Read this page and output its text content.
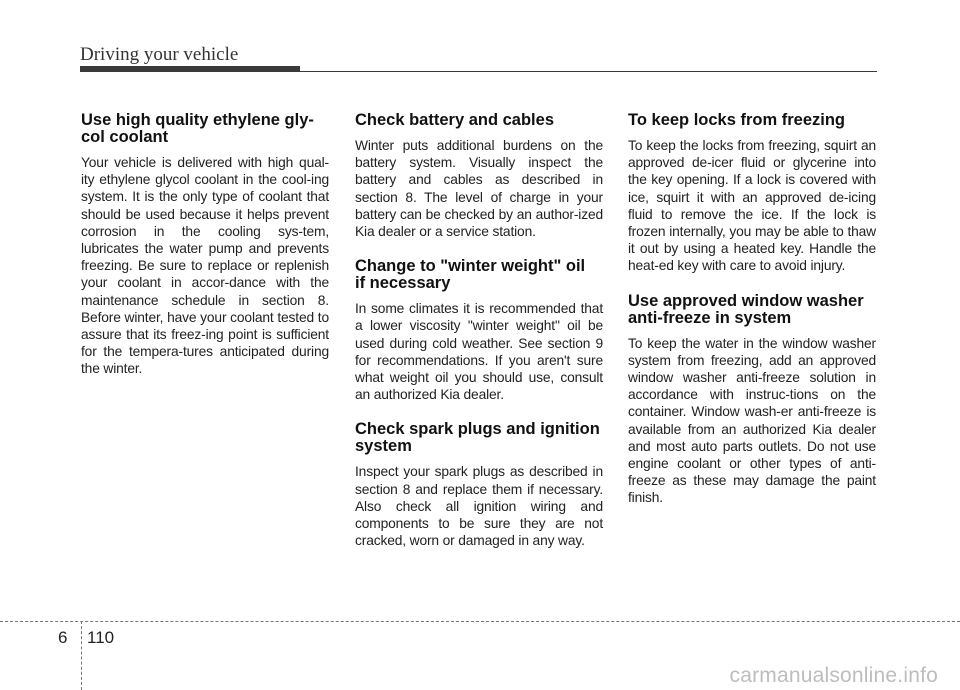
Driving your vehicle
Use high quality ethylene gly-
col coolant

Your vehicle is delivered with high qual-ity ethylene glycol coolant in the cool-ing system. It is the only type of coolant that should be used because it helps prevent corrosion in the cooling sys-tem, lubricates the water pump and prevents freezing. Be sure to replace or replenish your coolant in accor-dance with the maintenance schedule in section 8. Before winter, have your coolant tested to assure that its freez-ing point is sufficient for the tempera-tures anticipated during the winter.

Check battery and cables

Winter puts additional burdens on the battery system. Visually inspect the battery and cables as described in section 8. The level of charge in your battery can be checked by an author-ized Kia dealer or a service station.

Change to "winter weight" oil
if necessary

In some climates it is recommended that a lower viscosity "winter weight" oil be used during cold weather. See section 9 for recommendations. If you aren't sure what weight oil you should use, consult an authorized Kia dealer.

Check spark plugs and ignition
system

Inspect your spark plugs as described in section 8 and replace them if necessary. Also check all ignition wiring and components to be sure they are not cracked, worn or damaged in any way.

To keep locks from freezing

To keep the locks from freezing, squirt an approved de-icer fluid or glycerine into the key opening. If a lock is covered with ice, squirt it with an approved de-icing fluid to remove the ice. If the lock is frozen internally, you may be able to thaw it out by using a heated key. Handle the heat-ed key with care to avoid injury.

Use approved window washer
anti-freeze in system

To keep the water in the window washer system from freezing, add an approved window washer anti-freeze solution in accordance with instruc-tions on the container. Window wash-er anti-freeze is available from an authorized Kia dealer and most auto parts outlets. Do not use engine coolant or other types of anti-freeze as these may damage the paint finish.

6 110
carmanualsonline.info
